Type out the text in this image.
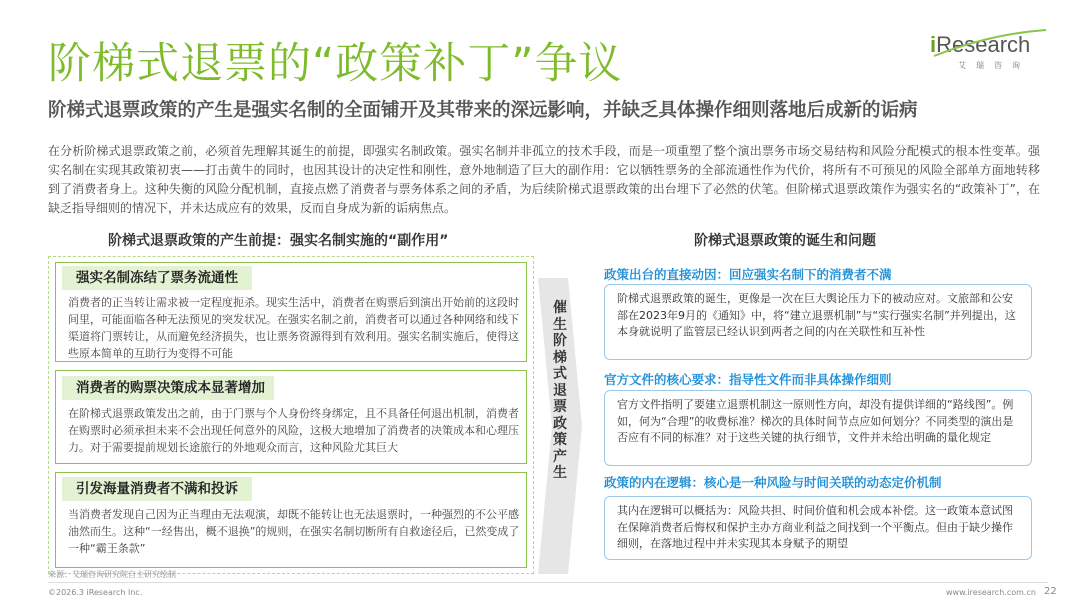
阶梯式退票的“政策补丁”争议
阶梯式退票政策的产生是强实名制的全面铺开及其带来的深远影响，并缺乏具体操作细则落地后成新的诟病
iResearch
艾瑞咨询
在分析阶梯式退票政策之前，必须首先理解其诞生的前提，即强实名制政策。强实名制并非孤立的技术手段，而是一项重塑了整个演出票务市场交易结构和风险分配模式的根本性变革。强实名制在实现其政策初衷——打击黄牛的同时，也因其设计的决定性和刚性，意外地制造了巨大的副作用：它以牺牲票务的全部流通性作为代价，将所有不可预见的风险全部单方面地转移到了消费者身上。这种失衡的风险分配机制，直接点燃了消费者与票务体系之间的矛盾，为后续阶梯式退票政策的出台埋下了必然的伏笔。但阶梯式退票政策作为强实名的“政策补丁”，在缺乏指导细则的情况下，并未达成应有的效果，反而自身成为新的诟病焦点。
阶梯式退票政策的产生前提：强实名制实施的“副作用”	阶梯式退票政策的诞生和问题
强实名制冻结了票务流通性
消费者的正当转让需求被一定程度扼杀。现实生活中，消费者在购票后到演出开始前的这段时间里，可能面临各种无法预见的突发状况。在强实名制之前，消费者可以通过各种网络和线下渠道将门票转让，从而避免经济损失，也让票务资源得到有效利用。强实名制实施后，使得这些原本简单的互助行为变得不可能
消费者的购票决策成本显著增加
在阶梯式退票政策发出之前，由于门票与个人身份终身绑定，且不具备任何退出机制，消费者在购票时必须承担未来不会出现任何意外的风险，这极大地增加了消费者的决策成本和心理压力。对于需要提前规划长途旅行的外地观众而言，这种风险尤其巨大
引发海量消费者不满和投诉
当消费者发现自己因为正当理由无法观演，却既不能转让也无法退票时，一种强烈的不公平感油然而生。这种“一经售出，概不退换”的规则，在强实名制切断所有自救途径后，已然变成了一种“霸王条款”
催
生
阶
梯
式
退
票
政
策
产
生
政策出台的直接动因：回应强实名制下的消费者不满
阶梯式退票政策的诞生，更像是一次在巨大舆论压力下的被动应对。文旅部和公安部在2023年9月的《通知》中，将“建立退票机制”与“实行强实名制”并列提出，这本身就说明了监管层已经认识到两者之间的内在关联性和互补性
官方文件的核心要求：指导性文件而非具体操作细则
官方文件指明了要建立退票机制这一原则性方向，却没有提供详细的“路线图”。例如，何为“合理”的收费标准？梯次的具体时间节点应如何划分？不同类型的演出是否应有不同的标准？对于这些关键的执行细节，文件并未给出明确的量化规定
政策的内在逻辑：核心是一种风险与时间关联的动态定价机制
其内在逻辑可以概括为：风险共担、时间价值和机会成本补偿。这一政策本意试图在保障消费者后悔权和保护主办方商业利益之间找到一个平衡点。但由于缺少操作细则，在落地过程中并未实现其本身赋予的期望
来源：艾瑞咨询研究院自主研究绘制
©2026.3 iResearch Inc.	www.iresearch.com.cn 22
